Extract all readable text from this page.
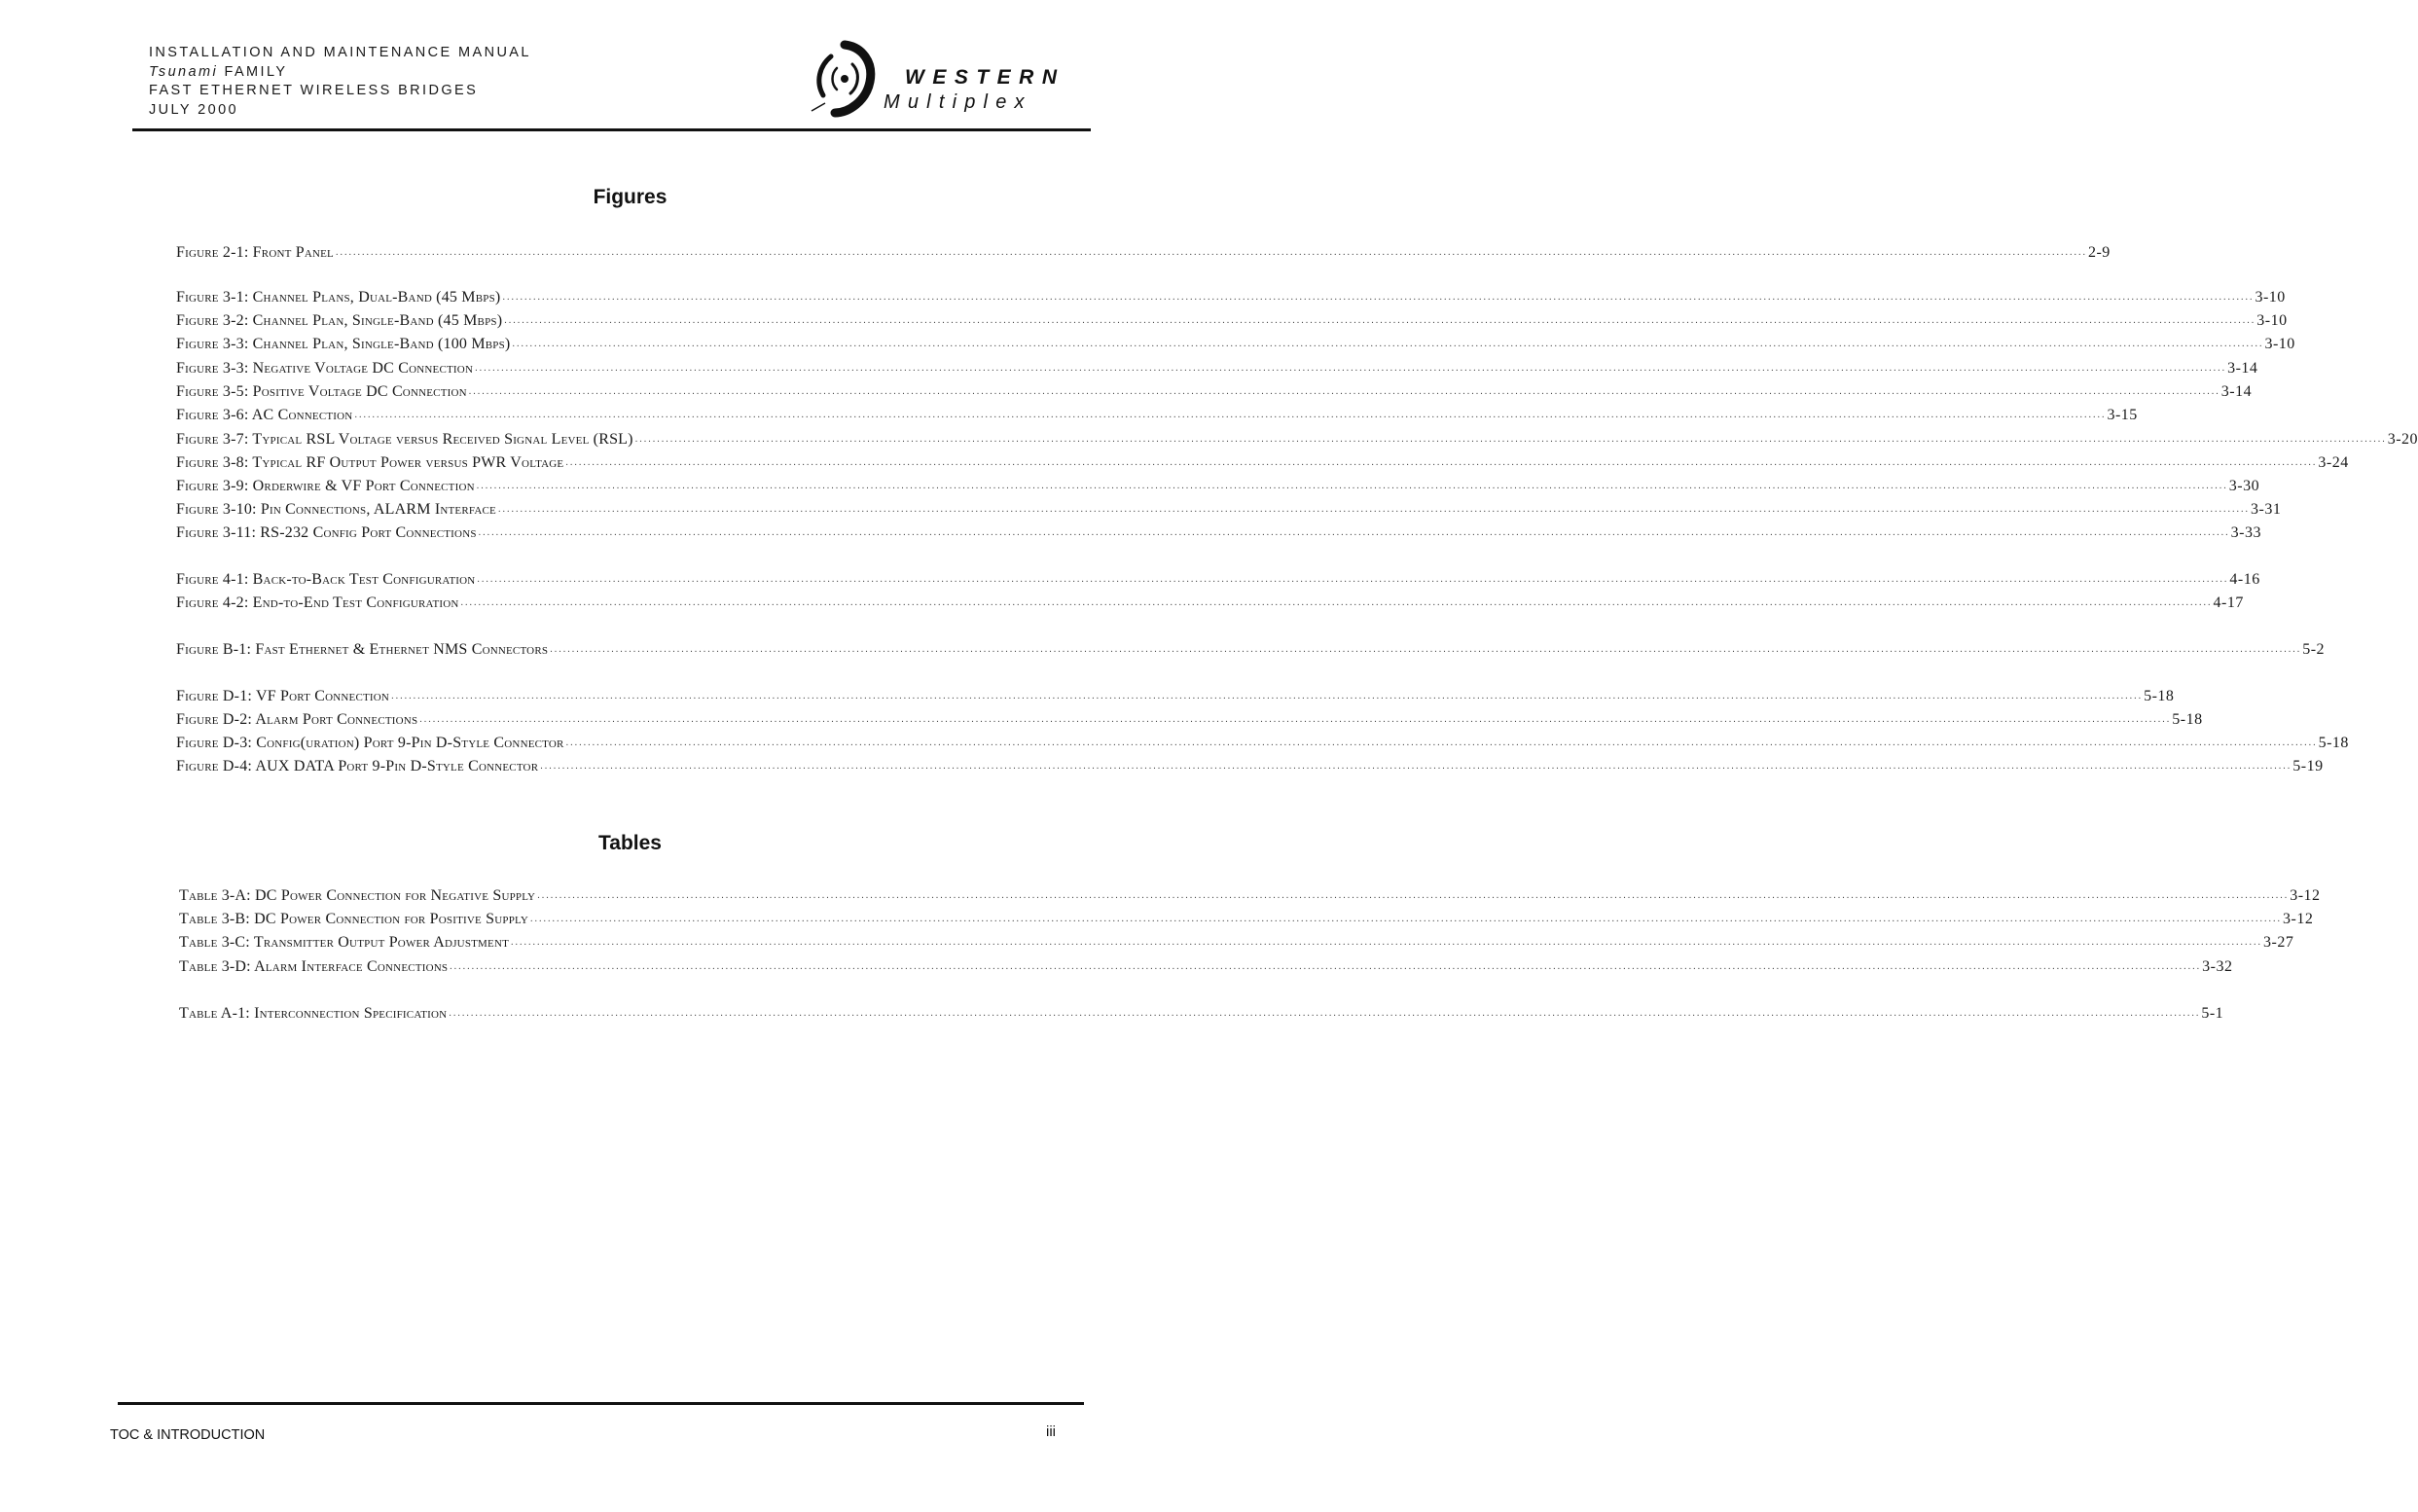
INSTALLATION AND MAINTENANCE MANUAL
Tsunami FAMILY
FAST ETHERNET WIRELESS BRIDGES
JULY 2000
WESTERN
Multiplex
Figures
Figure 2-1: Front Panel ................................................................................................................................................................................................................................................................................................................................................................................................................ 2-9
Figure 3-1: Channel Plans, Dual-Band (45 Mbps) ................................................................................................................................................................................................................................................................................................................................................................................................................ 3-10
Figure 3-2: Channel Plan, Single-Band (45 Mbps) ................................................................................................................................................................................................................................................................................................................................................................................................................ 3-10
Figure 3-3: Channel Plan, Single-Band (100 Mbps) ................................................................................................................................................................................................................................................................................................................................................................................................................ 3-10
Figure 3-3: Negative Voltage DC Connection ................................................................................................................................................................................................................................................................................................................................................................................................................ 3-14
Figure 3-5: Positive Voltage DC Connection ................................................................................................................................................................................................................................................................................................................................................................................................................ 3-14
Figure 3-6: AC Connection ................................................................................................................................................................................................................................................................................................................................................................................................................ 3-15
Figure 3-7: Typical RSL Voltage versus Received Signal Level (RSL) ................................................................................................................................................................................................................................................................................................................................................................................................................ 3-20
Figure 3-8: Typical RF Output Power versus PWR Voltage ................................................................................................................................................................................................................................................................................................................................................................................................................ 3-24
Figure 3-9: Orderwire & VF Port Connection ................................................................................................................................................................................................................................................................................................................................................................................................................ 3-30
Figure 3-10: Pin Connections, ALARM Interface ................................................................................................................................................................................................................................................................................................................................................................................................................ 3-31
Figure 3-11: RS-232 Config Port Connections ................................................................................................................................................................................................................................................................................................................................................................................................................ 3-33
Figure 4-1: Back-to-Back Test Configuration ................................................................................................................................................................................................................................................................................................................................................................................................................ 4-16
Figure 4-2: End-to-End Test Configuration ................................................................................................................................................................................................................................................................................................................................................................................................................ 4-17
Figure B-1: Fast Ethernet & Ethernet NMS Connectors ................................................................................................................................................................................................................................................................................................................................................................................................................ 5-2
Figure D-1: VF Port Connection ................................................................................................................................................................................................................................................................................................................................................................................................................ 5-18
Figure D-2: Alarm Port Connections ................................................................................................................................................................................................................................................................................................................................................................................................................ 5-18
Figure D-3: Config(uration) Port 9-Pin D-Style Connector ................................................................................................................................................................................................................................................................................................................................................................................................................ 5-18
Figure D-4: AUX DATA Port 9-Pin D-Style Connector ................................................................................................................................................................................................................................................................................................................................................................................................................ 5-19
Tables
Table 3-A: DC Power Connection for Negative Supply ................................................................................................................................................................................................................................................................................................................................................................................................................ 3-12
Table 3-B: DC Power Connection for Positive Supply ................................................................................................................................................................................................................................................................................................................................................................................................................ 3-12
Table 3-C: Transmitter Output Power Adjustment ................................................................................................................................................................................................................................................................................................................................................................................................................ 3-27
Table 3-D: Alarm Interface Connections ................................................................................................................................................................................................................................................................................................................................................................................................................ 3-32
Table A-1: Interconnection Specification ................................................................................................................................................................................................................................................................................................................................................................................................................ 5-1
TOC & INTRODUCTION	iii
